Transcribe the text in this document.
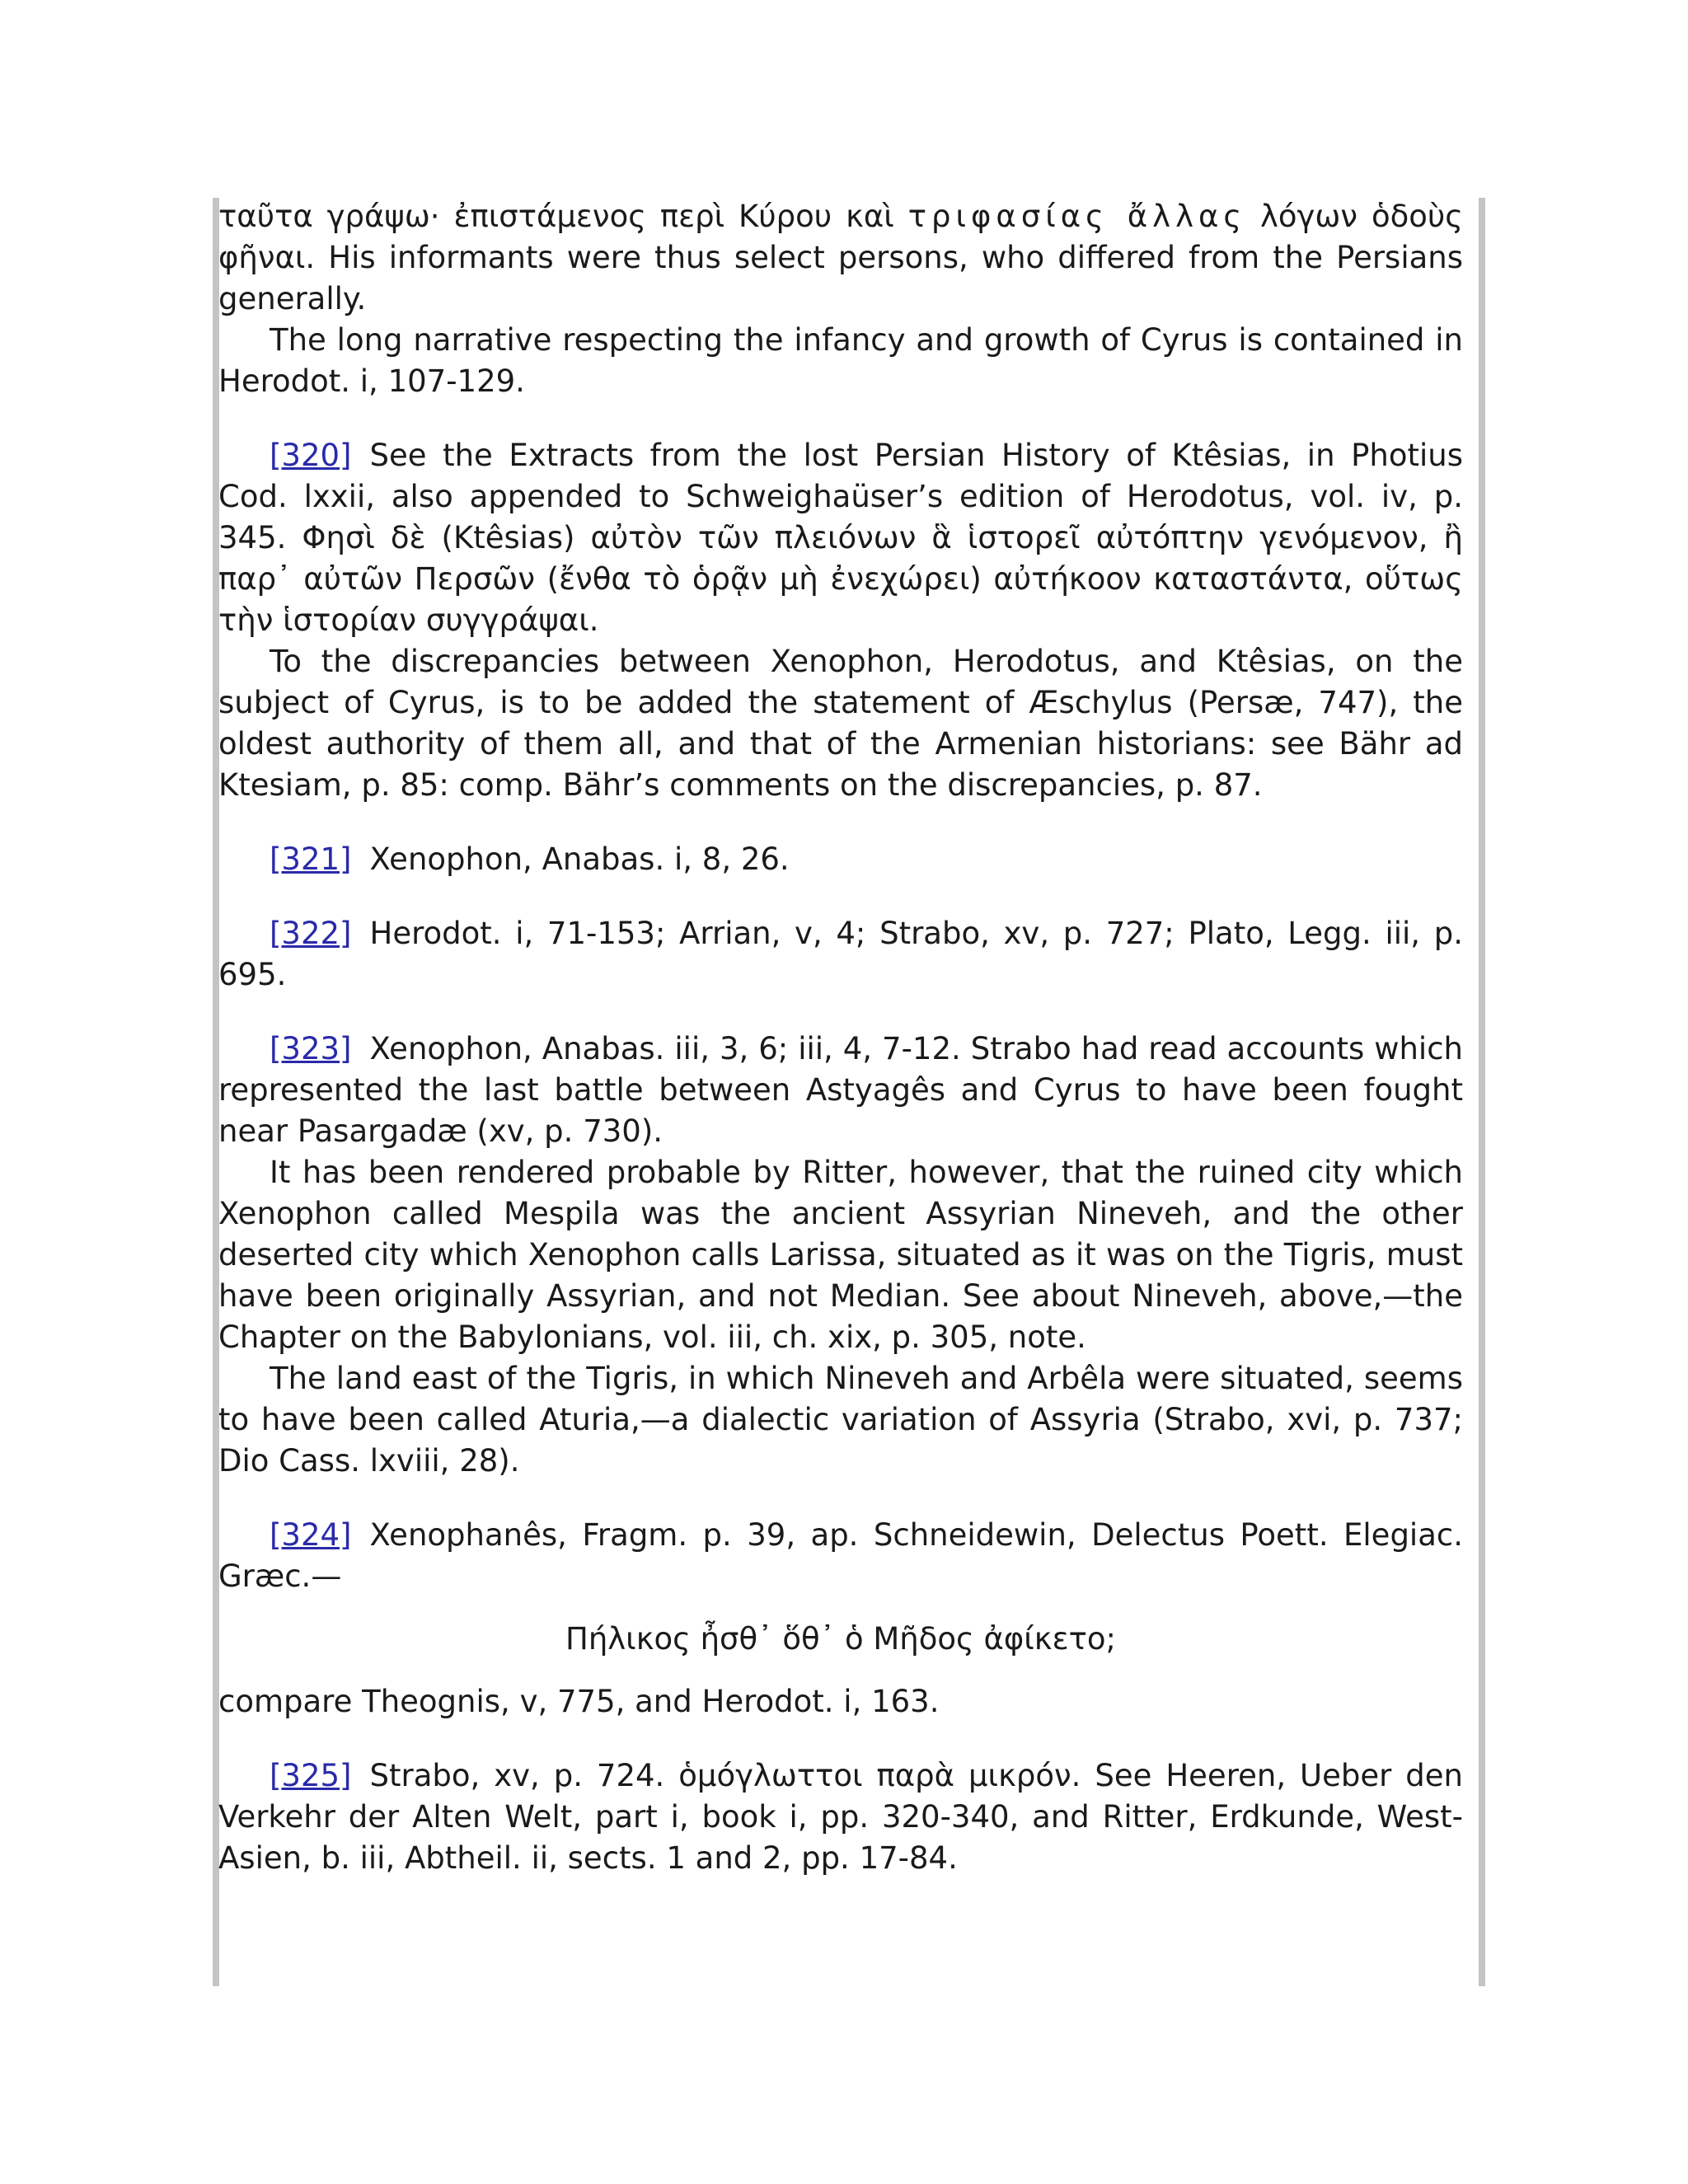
ταῦτα γράψω· ἐπιστάμενος περὶ Κύρου καὶ τριφασίας ἄλλας λόγων ὁδοὺς φῆναι. His informants were thus select persons, who differed from the Persians generally.

The long narrative respecting the infancy and growth of Cyrus is contained in Herodot. i, 107-129.

[320] See the Extracts from the lost Persian History of Ktêsias, in Photius Cod. lxxii, also appended to Schweighaüser’s edition of Herodotus, vol. iv, p. 345. Φησὶ δὲ (Ktêsias) αὐτὸν τῶν πλειόνων ἃ ἱστορεῖ αὐτόπτην γενόμενον, ἢ παρ᾽ αὐτῶν Περσῶν (ἔνθα τὸ ὁρᾷν μὴ ἐνεχώρει) αὐτήκοον καταστάντα, οὕτως τὴν ἱστορίαν συγγράψαι.

To the discrepancies between Xenophon, Herodotus, and Ktêsias, on the subject of Cyrus, is to be added the statement of Æschylus (Persæ, 747), the oldest authority of them all, and that of the Armenian historians: see Bähr ad Ktesiam, p. 85: comp. Bähr’s comments on the discrepancies, p. 87.

[321] Xenophon, Anabas. i, 8, 26.

[322] Herodot. i, 71-153; Arrian, v, 4; Strabo, xv, p. 727; Plato, Legg. iii, p. 695.

[323] Xenophon, Anabas. iii, 3, 6; iii, 4, 7-12. Strabo had read accounts which represented the last battle between Astyagês and Cyrus to have been fought near Pasargadæ (xv, p. 730).

It has been rendered probable by Ritter, however, that the ruined city which Xenophon called Mespila was the ancient Assyrian Nineveh, and the other deserted city which Xenophon calls Larissa, situated as it was on the Tigris, must have been originally Assyrian, and not Median. See about Nineveh, above,—the Chapter on the Babylonians, vol. iii, ch. xix, p. 305, note.

The land east of the Tigris, in which Nineveh and Arbêla were situated, seems to have been called Aturia,—a dialectic variation of Assyria (Strabo, xvi, p. 737; Dio Cass. lxviii, 28).

[324] Xenophanês, Fragm. p. 39, ap. Schneidewin, Delectus Poett. Elegiac. Græc.—

Πήλικος ἦσθ᾽ ὅθ᾽ ὁ Μῆδος ἀφίκετο;

compare Theognis, v, 775, and Herodot. i, 163.

[325] Strabo, xv, p. 724. ὁμόγλωττοι παρὰ μικρόν. See Heeren, Ueber den Verkehr der Alten Welt, part i, book i, pp. 320-340, and Ritter, Erdkunde, West-Asien, b. iii, Abtheil. ii, sects. 1 and 2, pp. 17-84.
